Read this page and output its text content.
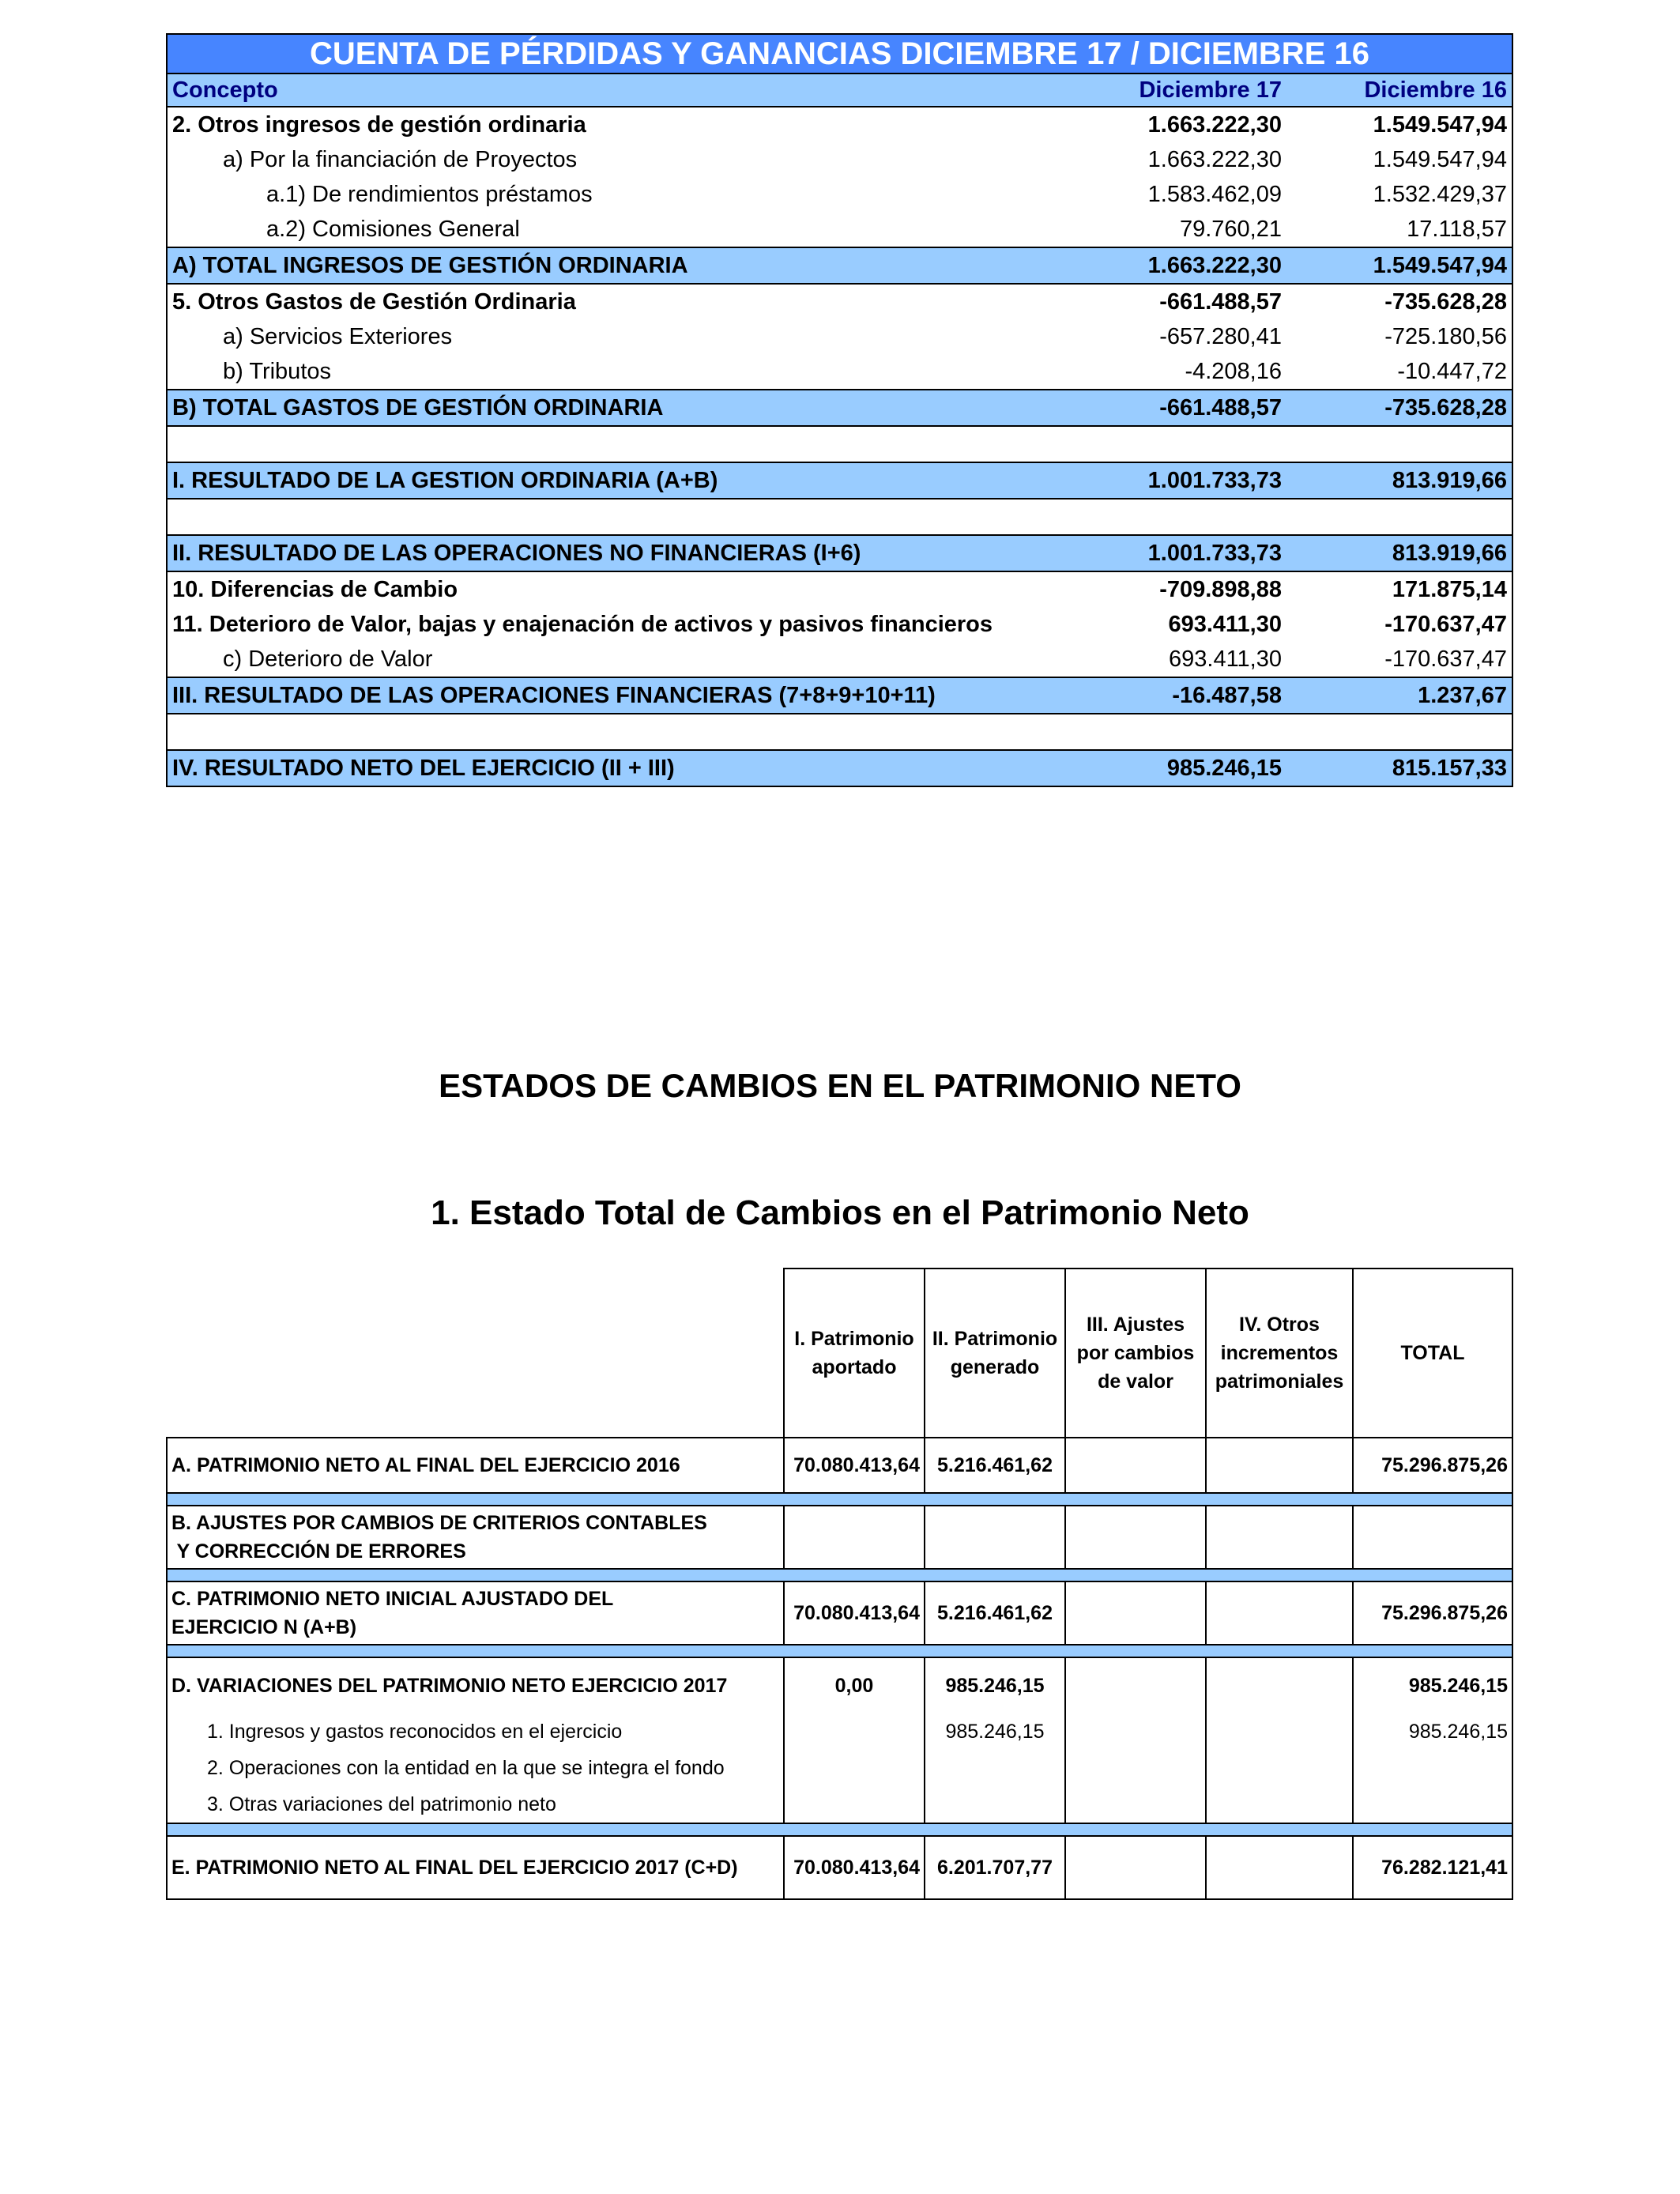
CUENTA DE PÉRDIDAS Y GANANCIAS DICIEMBRE 17 / DICIEMBRE 16		
Concepto	Diciembre 17	Diciembre 16
2. Otros ingresos de gestión ordinaria	1.663.222,30	1.549.547,94
a) Por la financiación de Proyectos	1.663.222,30	1.549.547,94
a.1) De rendimientos préstamos	1.583.462,09	1.532.429,37
a.2) Comisiones General	79.760,21	17.118,57
A) TOTAL INGRESOS DE GESTIÓN ORDINARIA	1.663.222,30	1.549.547,94
5. Otros Gastos de Gestión Ordinaria	-661.488,57	-735.628,28
a) Servicios Exteriores	-657.280,41	-725.180,56
b) Tributos	-4.208,16	-10.447,72
B) TOTAL GASTOS DE GESTIÓN ORDINARIA	-661.488,57	-735.628,28

I. RESULTADO DE LA GESTION ORDINARIA (A+B)	1.001.733,73	813.919,66

II. RESULTADO DE LAS OPERACIONES NO FINANCIERAS (I+6)	1.001.733,73	813.919,66
10. Diferencias de Cambio	-709.898,88	171.875,14
11. Deterioro de Valor, bajas y enajenación de activos y pasivos financieros	693.411,30	-170.637,47
c) Deterioro de Valor	693.411,30	-170.637,47
III. RESULTADO DE LAS OPERACIONES FINANCIERAS (7+8+9+10+11)	-16.487,58	1.237,67

IV. RESULTADO NETO DEL EJERCICIO (II + III)	985.246,15	815.157,33
ESTADOS DE CAMBIOS EN EL PATRIMONIO NETO
1. Estado Total de Cambios en el Patrimonio Neto
	I. Patrimonio aportado	II. Patrimonio generado	III. Ajustes por cambios de valor	IV. Otros incrementos patrimoniales	TOTAL
A. PATRIMONIO NETO AL FINAL DEL EJERCICIO 2016	70.080.413,64	5.216.461,62			75.296.875,26

B. AJUSTES POR CAMBIOS DE CRITERIOS CONTABLES
Y CORRECCIÓN DE ERRORES					

C. PATRIMONIO NETO INICIAL AJUSTADO DEL
EJERCICIO N (A+B)	70.080.413,64	5.216.461,62			75.296.875,26

D. VARIACIONES DEL PATRIMONIO NETO EJERCICIO 2017	0,00	985.246,15			985.246,15
1. Ingresos y gastos reconocidos en el ejercicio		985.246,15			985.246,15
2. Operaciones con la entidad en la que se integra el fondo					
3. Otras variaciones del patrimonio neto					

E. PATRIMONIO NETO AL FINAL DEL EJERCICIO 2017 (C+D)	70.080.413,64	6.201.707,77			76.282.121,41
